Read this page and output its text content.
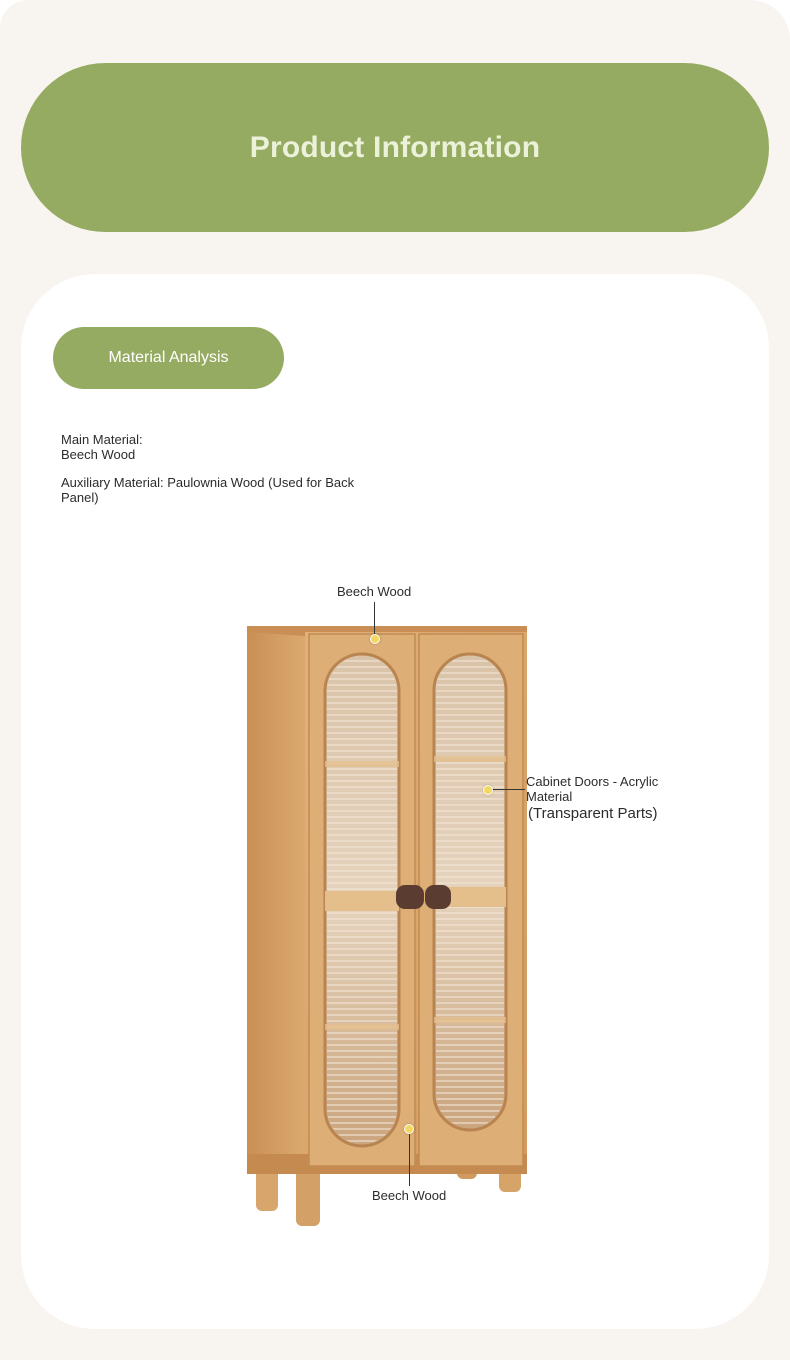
Product Information
Material Analysis
Main Material:
Beech Wood
Auxiliary Material: Paulownia Wood (Used for Back Panel)
Beech Wood
Cabinet Doors - Acrylic Material
(Transparent Parts)
Beech Wood
